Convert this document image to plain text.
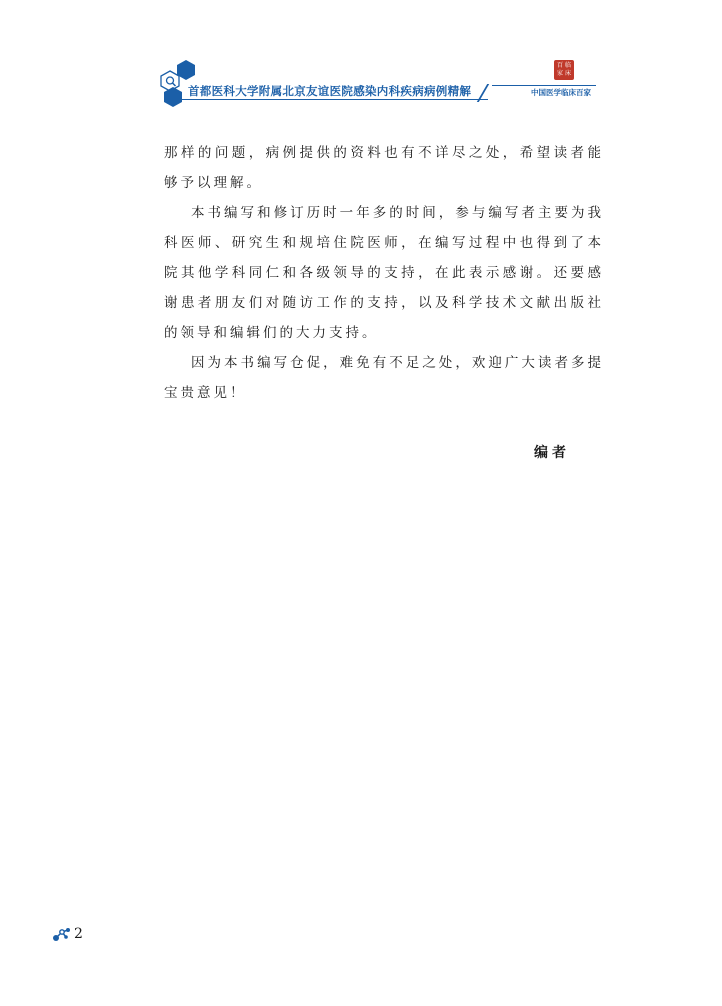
首都医科大学附属北京友谊医院感染内科疾病病例精解
百 临
家 床
中国医学临床百家

那样的问题，病例提供的资料也有不详尽之处，希望读者能够予以理解。

本书编写和修订历时一年多的时间，参与编写者主要为我科医师、研究生和规培住院医师，在编写过程中也得到了本院其他学科同仁和各级领导的支持，在此表示感谢。还要感谢患者朋友们对随访工作的支持，以及科学技术文献出版社的领导和编辑们的大力支持。

因为本书编写仓促，难免有不足之处，欢迎广大读者多提宝贵意见！

编者
2
